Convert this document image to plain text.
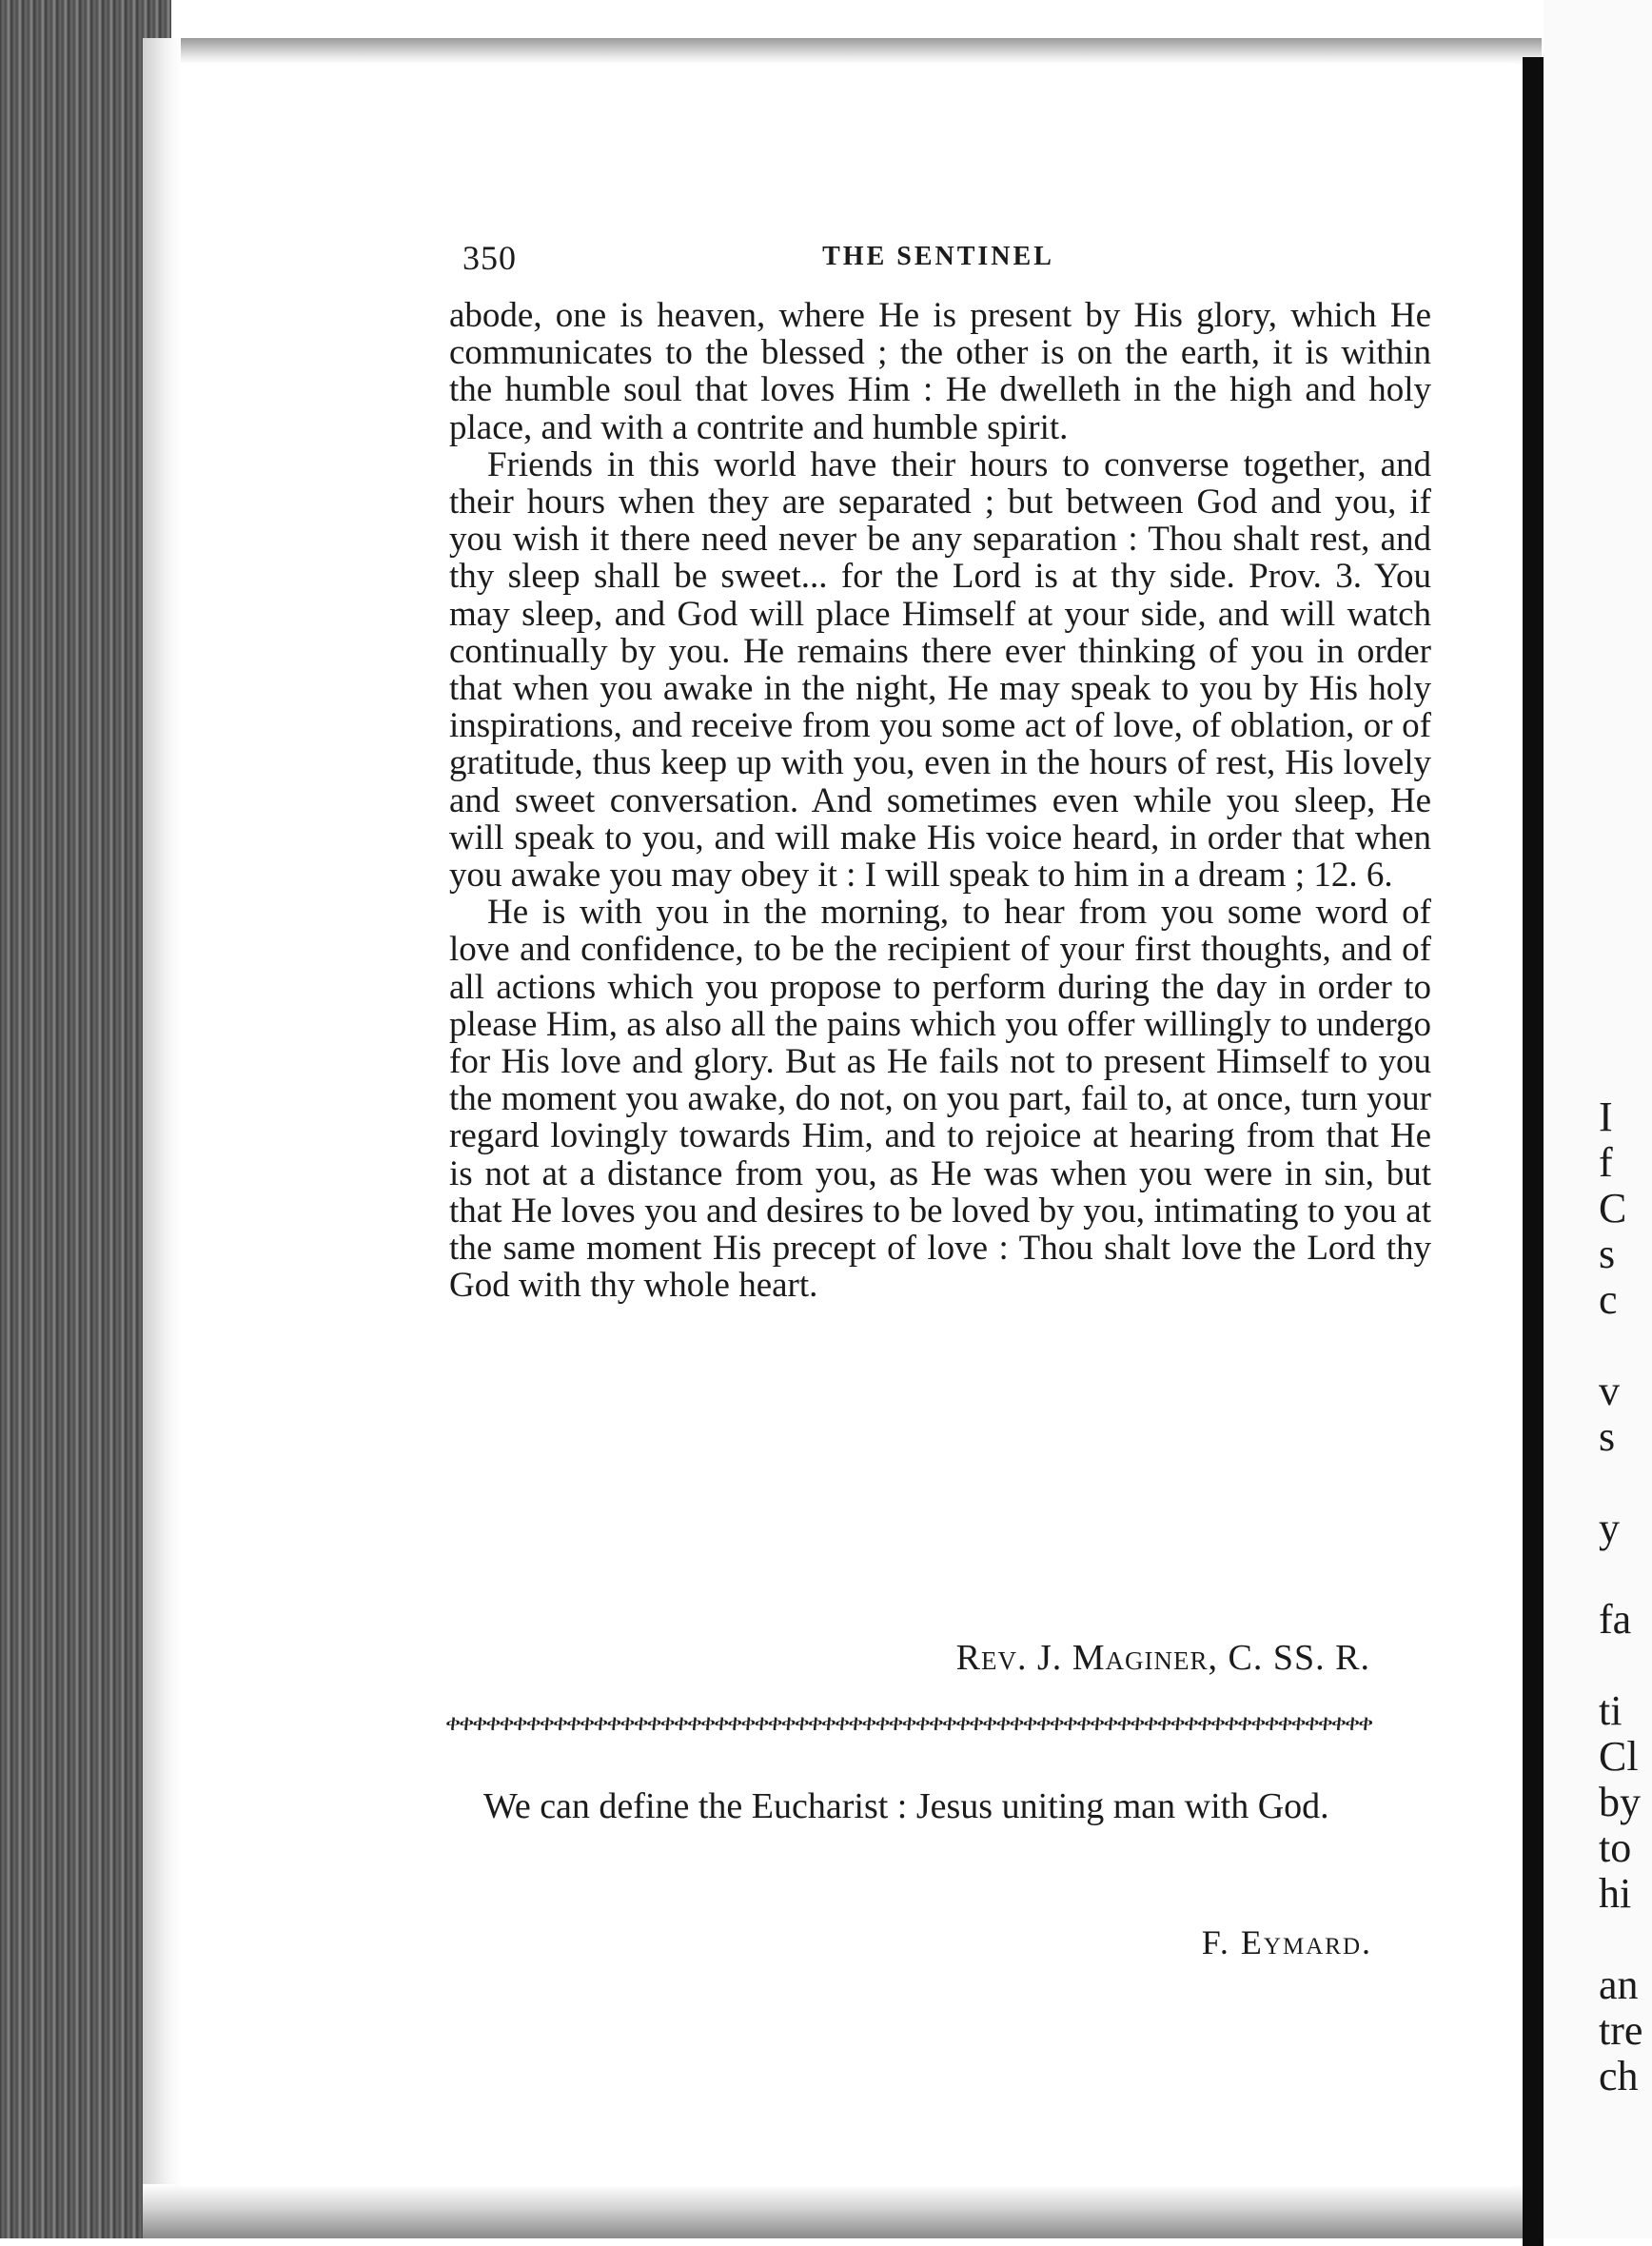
I
f
C
s
c

v
s

y

fa

ti
Cl
by
to
hi

an
tre
ch
350	THE SENTINEL

abode, one is heaven, where He is present by His glory, which He communicates to the blessed ; the other is on the earth, it is within the humble soul that loves Him : He dwelleth in the high and holy place, and with a contrite and humble spirit.

Friends in this world have their hours to converse together, and their hours when they are separated ; but between God and you, if you wish it there need never be any separation : Thou shalt rest, and thy sleep shall be sweet... for the Lord is at thy side. Prov. 3. You may sleep, and God will place Himself at your side, and will watch continually by you. He remains there ever thinking of you in order that when you awake in the night, He may speak to you by His holy inspirations, and receive from you some act of love, of oblation, or of gratitude, thus keep up with you, even in the hours of rest, His lovely and sweet conversation. And sometimes even while you sleep, He will speak to you, and will make His voice heard, in order that when you awake you may obey it : I will speak to him in a dream ; 12. 6.

He is with you in the morning, to hear from you some word of love and confidence, to be the recipient of your first thoughts, and of all actions which you propose to perform during the day in order to please Him, as also all the pains which you offer willingly to undergo for His love and glory. But as He fails not to present Himself to you the moment you awake, do not, on you part, fail to, at once, turn your regard lovingly towards Him, and to rejoice at hearing from that He is not at a distance from you, as He was when you were in sin, but that He loves you and desires to be loved by you, intimating to you at the same moment His precept of love : Thou shalt love the Lord thy God with thy whole heart.

Rev. J. Maginer, C. SS. R.
ቀቀቀቀቀቀቀቀቀቀቀቀቀቀቀቀቀቀቀቀቀቀቀቀቀቀቀቀቀቀቀቀቀቀቀቀቀቀቀቀቀቀቀቀቀቀቀቀቀቀቀቀቀቀቀቀቀቀቀቀቀቀቀቀቀቀቀቀቀ
We can define the Eucharist : Jesus uniting man with God.
F. Eymard.
